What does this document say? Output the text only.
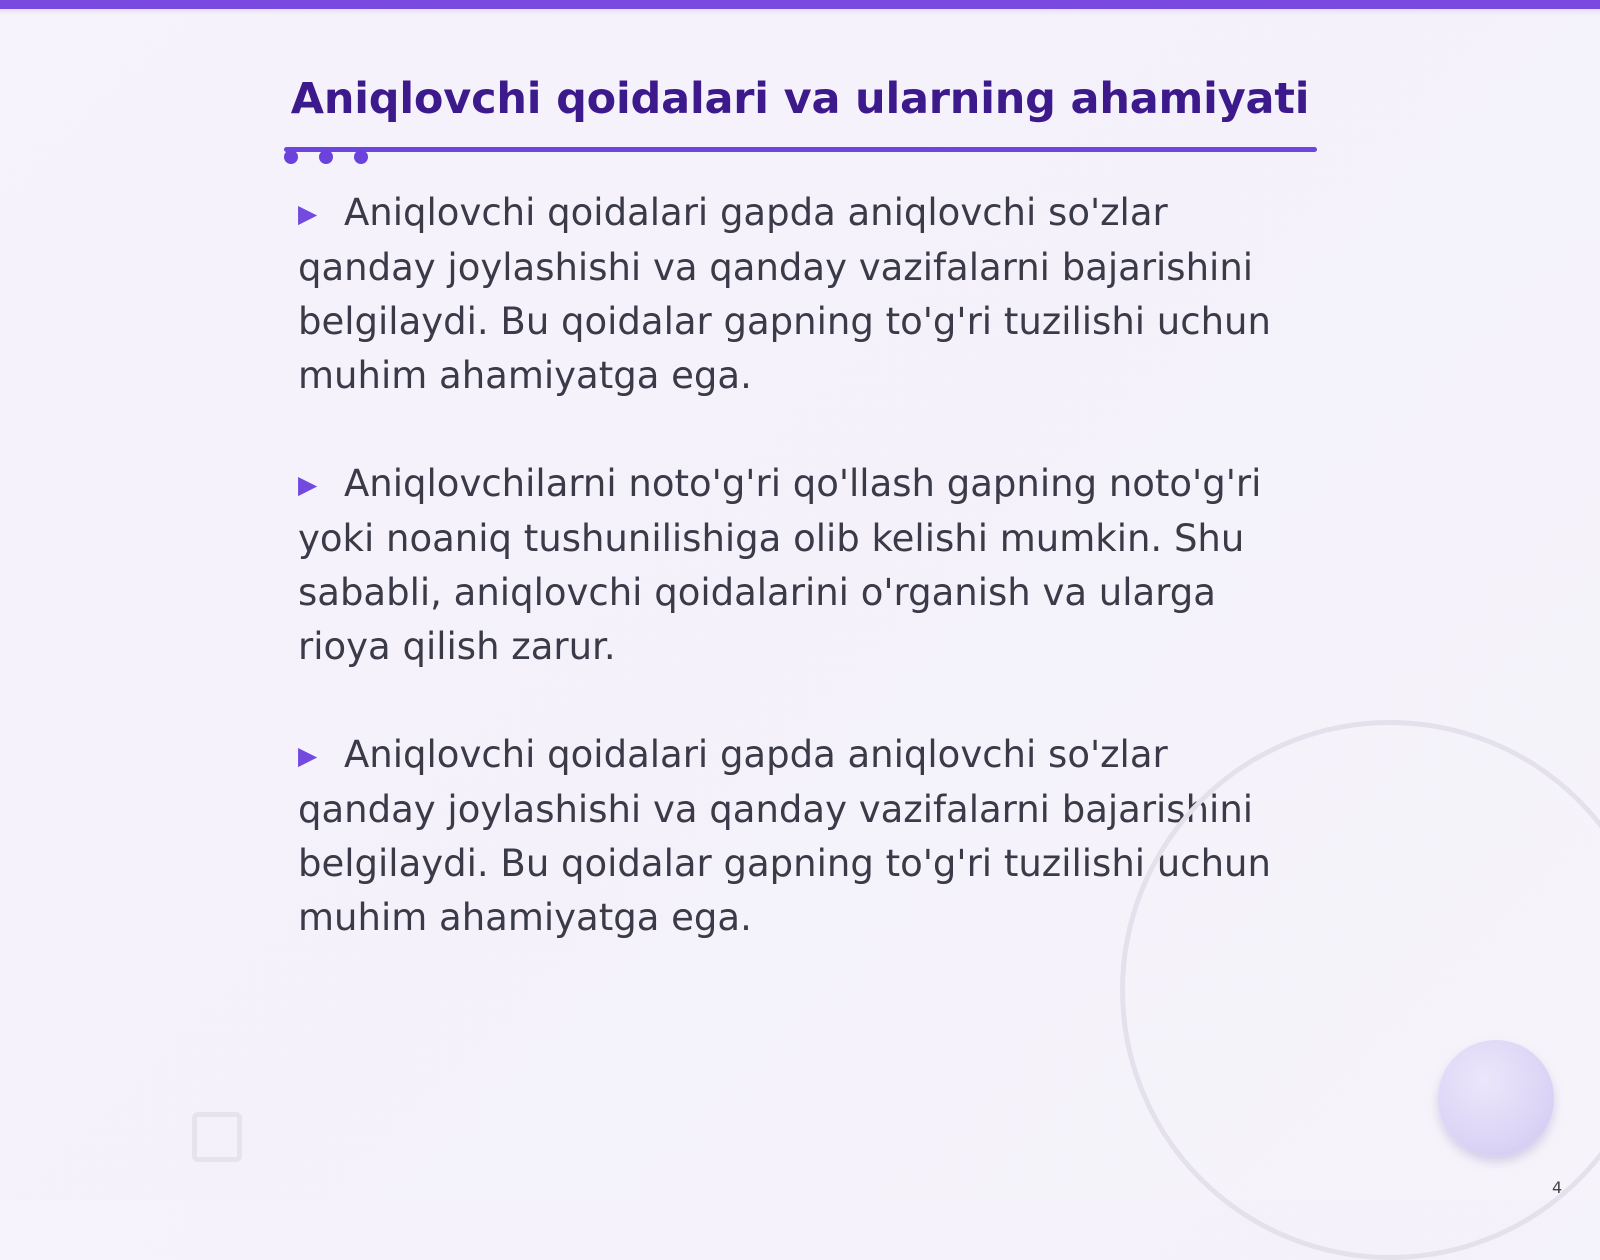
Aniqlovchi qoidalari va ularning ahamiyati

▶ Aniqlovchi qoidalari gapda aniqlovchi so'zlar qanday joylashishi va qanday vazifalarni bajarishini belgilaydi. Bu qoidalar gapning to'g'ri tuzilishi uchun muhim ahamiyatga ega.

▶ Aniqlovchilarni noto'g'ri qo'llash gapning noto'g'ri yoki noaniq tushunilishiga olib kelishi mumkin. Shu sababli, aniqlovchi qoidalarini o'rganish va ularga rioya qilish zarur.

▶ Aniqlovchi qoidalari gapda aniqlovchi so'zlar qanday joylashishi va qanday vazifalarni bajarishini belgilaydi. Bu qoidalar gapning to'g'ri tuzilishi uchun muhim ahamiyatga ega.

4
